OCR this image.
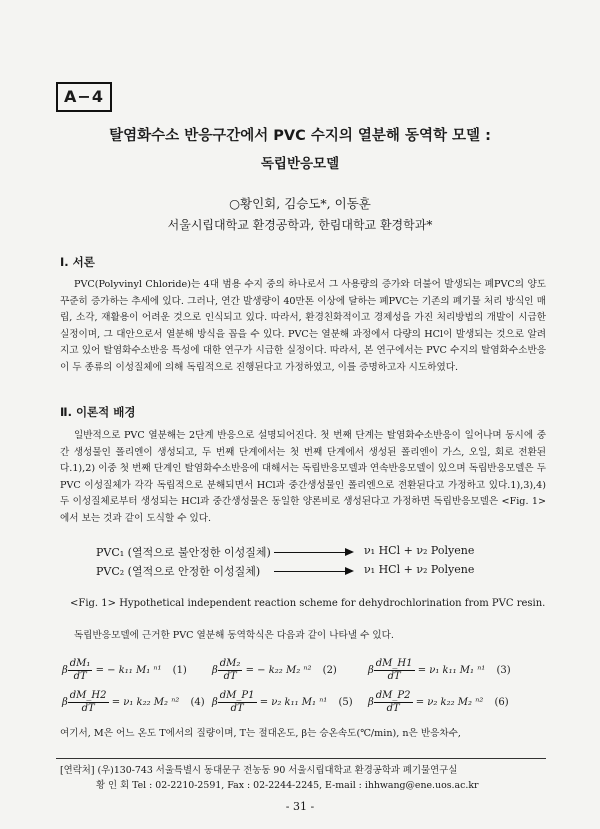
A−4
탈염화수소 반응구간에서 PVC 수지의 열분해 동역학 모델 :
독립반응모델
○황인회, 김승도*, 이동훈
서울시립대학교 환경공학과, 한림대학교 환경학과*
Ⅰ. 서론

PVC(Polyvinyl Chloride)는 4대 범용 수지 중의 하나로서 그 사용량의 증가와 더불어 발생되는 폐PVC의 양도 꾸준히 증가하는 추세에 있다. 그러나, 연간 발생량이 40만톤 이상에 달하는 폐PVC는 기존의 폐기물 처리 방식인 매립, 소각, 재활용이 어려운 것으로 인식되고 있다. 따라서, 환경친화적이고 경제성을 가진 처리방법의 개발이 시급한 실정이며, 그 대안으로서 열분해 방식을 꼽을 수 있다. PVC는 열분해 과정에서 다량의 HCl이 발생되는 것으로 알려지고 있어 탈염화수소반응 특성에 대한 연구가 시급한 실정이다. 따라서, 본 연구에서는 PVC 수지의 탈염화수소반응이 두 종류의 이성질체에 의해 독립적으로 진행된다고 가정하였고, 이를 증명하고자 시도하였다.

Ⅱ. 이론적 배경

일반적으로 PVC 열분해는 2단계 반응으로 설명되어진다. 첫 번째 단계는 탈염화수소반응이 일어나며 동시에 중간 생성물인 폴리엔이 생성되고, 두 번째 단계에서는 첫 번째 단계에서 생성된 폴리엔이 가스, 오일, 회로 전환된다.1),2) 이중 첫 번째 단계인 탈염화수소반응에 대해서는 독립반응모델과 연속반응모델이 있으며 독립반응모델은 두 PVC 이성질체가 각각 독립적으로 분해되면서 HCl과 중간생성물인 폴리엔으로 전환된다고 가정하고 있다.1),3),4) 두 이성질체로부터 생성되는 HCl과 중간생성물은 동일한 양론비로 생성된다고 가정하면 독립반응모델은 <Fig. 1>에서 보는 것과 같이 도식할 수 있다.

PVC₁ (열적으로 불안정한 이성질체)	ν₁ HCl + ν₂ Polyene
PVC₂ (열적으로 안정한 이성질체)	ν₁ HCl + ν₂ Polyene
<Fig. 1> Hypothetical independent reaction scheme for dehydrochlorination from PVC resin.

독립반응모델에 근거한 PVC 열분해 동역학식은 다음과 같이 나타낼 수 있다.

β $\frac{\text{dM₁}}{dT}$ = − k₁₁ M₁ ⁿ¹ (1)	β $\frac{\text{dM₂}}{dT}$ = − k₂₂ M₂ ⁿ² (2)	β $\frac{dM\_H1}{dT} = \nu_1$ k₁₁ M₁ ⁿ¹ (3)
β $\frac{dM\_H2}{dT} = \nu_1$ k₂₂ M₂ ⁿ² (4) β $\frac{dM\_P1}{dT} = \nu_2$ k₁₁ M₁ ⁿ¹ (5) β $\frac{dM\_P2}{dT} = \nu_2$ k₂₂ M₂ ⁿ² (6)

여기서, M은 어느 온도 T에서의 질량이며, T는 절대온도, β는 승온속도(℃/min), n은 반응차수,

[연락처] (우)130-743 서울특별시 동대문구 전농동 90 서울시립대학교 환경공학과 폐기물연구실
황 인 회 Tel : 02-2210-2591, Fax : 02-2244-2245, E-mail : ihhwang@ene.uos.ac.kr
- 31 -
